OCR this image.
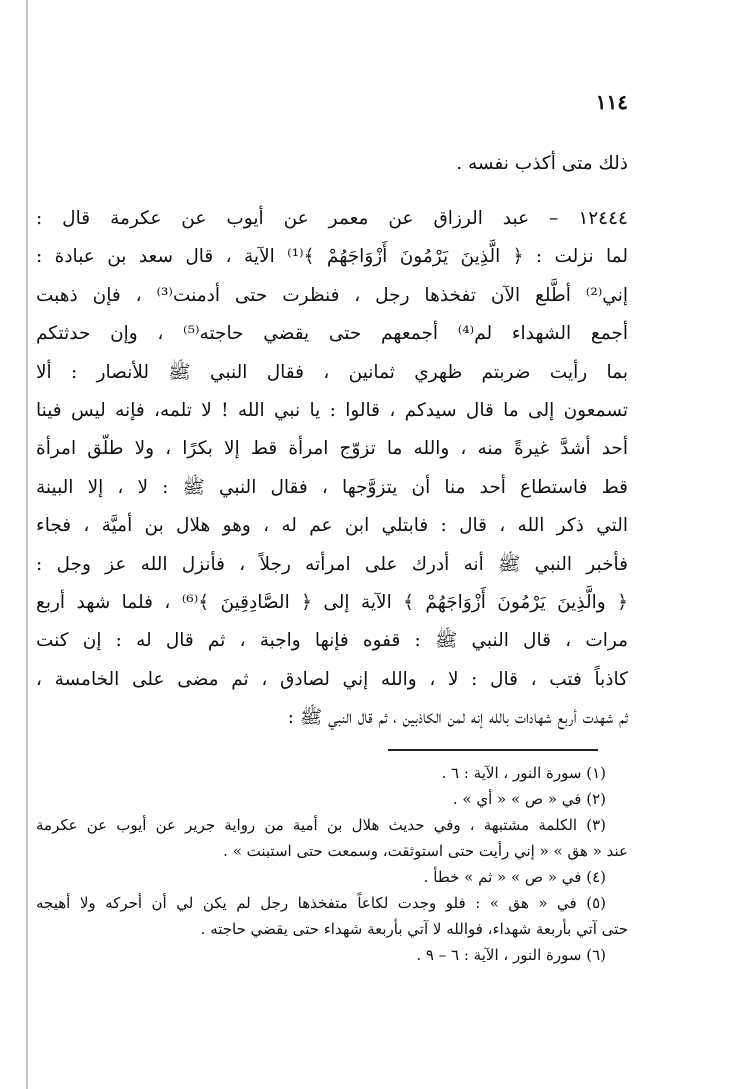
١١٤
ذلك متى أكذب نفسه .
١٢٤٤٤ – عبد الرزاق عن معمر عن أيوب عن عكرمة قال :
لما نزلت : ﴿ الَّذِينَ يَرْمُونَ أَزْوَاجَهُمْ ﴾⁽¹⁾ الآية ، قال سعد بن عبادة :
إني⁽²⁾ أطَّلع الآن تفخذها رجل ، فنظرت حتى أدمنت⁽³⁾ ، فإن ذهبت
أجمع الشهداء لم⁽⁴⁾ أجمعهم حتى يقضي حاجته⁽⁵⁾ ، وإن حدثتكم
بما رأيت ضربتم ظهري ثمانين ، فقال النبي ﷺ للأنصار : ألا
تسمعون إلى ما قال سيدكم ، قالوا : يا نبي الله ! لا تلمه، فإنه ليس فينا
أحد أشدَّ غيرةً منه ، والله ما تزوّج امرأة قط إلا بكرًا ، ولا طلّق امرأة
قط فاستطاع أحد منا أن يتزوَّجها ، فقال النبي ﷺ : لا ، إلا البينة
التي ذكر الله ، قال : فابتلي ابن عم له ، وهو هلال بن أميَّة ، فجاء
فأخبر النبي ﷺ أنه أدرك على امرأته رجلاً ، فأنزل الله عز وجل :
﴿ والَّذِينَ يَرْمُونَ أَزْوَاجَهُمْ ﴾ الآية إلى ﴿ الصَّادِقِينَ ﴾⁽⁶⁾ ، فلما شهد أربع
مرات ، قال النبي ﷺ : قفوه فإنها واجبة ، ثم قال له : إن كنت
كاذباً فتب ، قال : لا ، والله إني لصادق ، ثم مضى على الخامسة ،
ثم شهدت أربع شهادات بالله إنه لمن الكاذبين ، ثم قال النبي ﷺ :
(١) سورة النور ، الآية : ٦ .
(٢) في « ص » « أي » .
(٣) الكلمة مشتبهة ، وفي حديث هلال بن أمية من رواية جرير عن أيوب عن عكرمة
عند « هق » « إني رأيت حتى استوثقت، وسمعت حتى استبنت » .
(٤) في « ص » « ثم » خطأ .
(٥) في « هق » : فلو وجدت لكاعاً متفخذها رجل لم يكن لي أن أحركه ولا أهيجه
حتى آتي بأربعة شهداء، فوالله لا آتي بأربعة شهداء حتى يقضي حاجته .
(٦) سورة النور ، الآية : ٦ – ٩ .
